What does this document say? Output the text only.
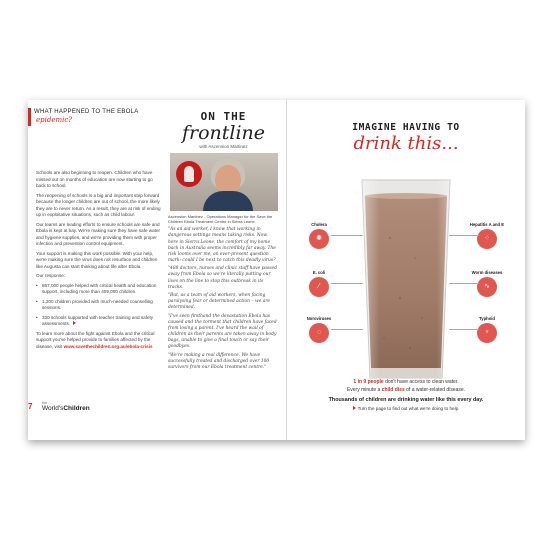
WHAT HAPPENED TO THE EBOLA
epidemic?

Schools are also beginning to reopen. Children who have missed out on months of education are now starting to go back to school.

The reopening of schools is a big and important step forward because the longer children are out of school, the more likely they are to never return. As a result, they are at risk of ending up in exploitative situations, such as child labour.

Our teams are leading efforts to ensure schools are safe and Ebola is kept at bay. We're making sure they have safe water and hygiene supplies, and we're providing them with proper infection and prevention control equipment.

Your support is making this work possible. With your help, we're making sure the virus does not resurface and children like Augusta can start thinking about life after Ebola.

Our response:

• 867,000 people helped with critical health and education support, including more than 409,000 children.
• 1,200 children provided with much-needed counselling sessions.
• 330 schools supported with teacher training and safety assessments.

To learn more about the fight against Ebola and the critical support you've helped provide to families affected by the disease, visit www.savethechildren.org.au/ebola-crisis

7	the
World'sChildren
ON THE
frontline
with Ascension Martinez
Ascension Martinez - Operations Manager for the Save the Children Ebola Treatment Centre in Sierra Leone.

"As an aid worker, I know that working in dangerous settings means taking risks. Now, here in Sierra Leone, the comfort of my home back in Australia seems incredibly far away. The risk looms over me, an ever-present question mark: could I be next to catch this deadly virus?

"488 doctors, nurses and clinic staff have passed away from Ebola so we're literally putting our lives on the line to stop this outbreak in its tracks.

"But, as a team of aid workers, when facing paralysing fear or determined action – we are determined.

"I've seen firsthand the devastation Ebola has caused and the torment that children have faced from losing a parent. I've heard the wail of children as their parents are taken away in body bags, unable to give a final touch or say their goodbyes.

"We're making a real difference. We have successfully treated and discharged over 100 survivors from our Ebola treatment centre."

IMAGINE HAVING TO
drink this...
Cholera
✺
E. coli
⁄
Noroviruses
◌
Hepatitis A and E
⁘
Worm diseases
∿
Typhoid
♆
1 in 9 people don't have access to clean water.
Every minute a child dies of a water-related disease.
Thousands of children are drinking water like this every day.
Turn the page to find out what we're doing to help.
